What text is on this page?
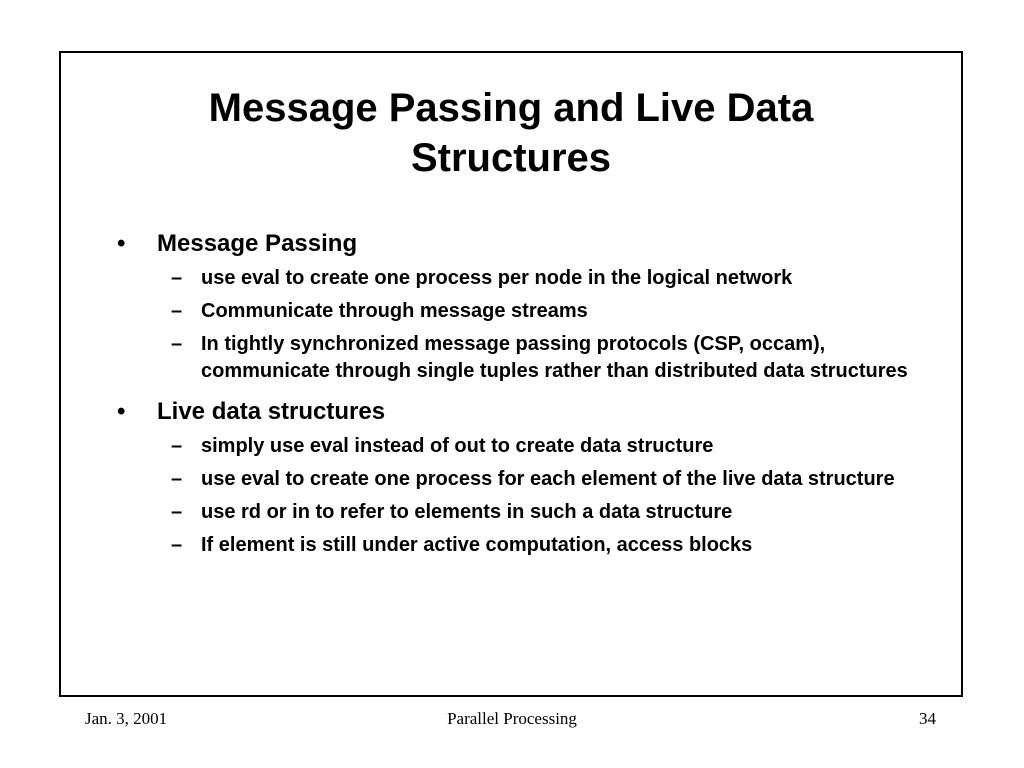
Message Passing and Live Data Structures
• Message Passing
– use eval to create one process per node in the logical network
– Communicate through message streams
– In tightly synchronized message passing protocols (CSP, occam), communicate through single tuples rather than distributed data structures
• Live data structures
– simply use eval instead of out to create data structure
– use eval to create one process for each element of the live data structure
– use rd or in to refer to elements in such a data structure
– If element is still under active computation, access blocks
Jan. 3, 2001	Parallel Processing	34
